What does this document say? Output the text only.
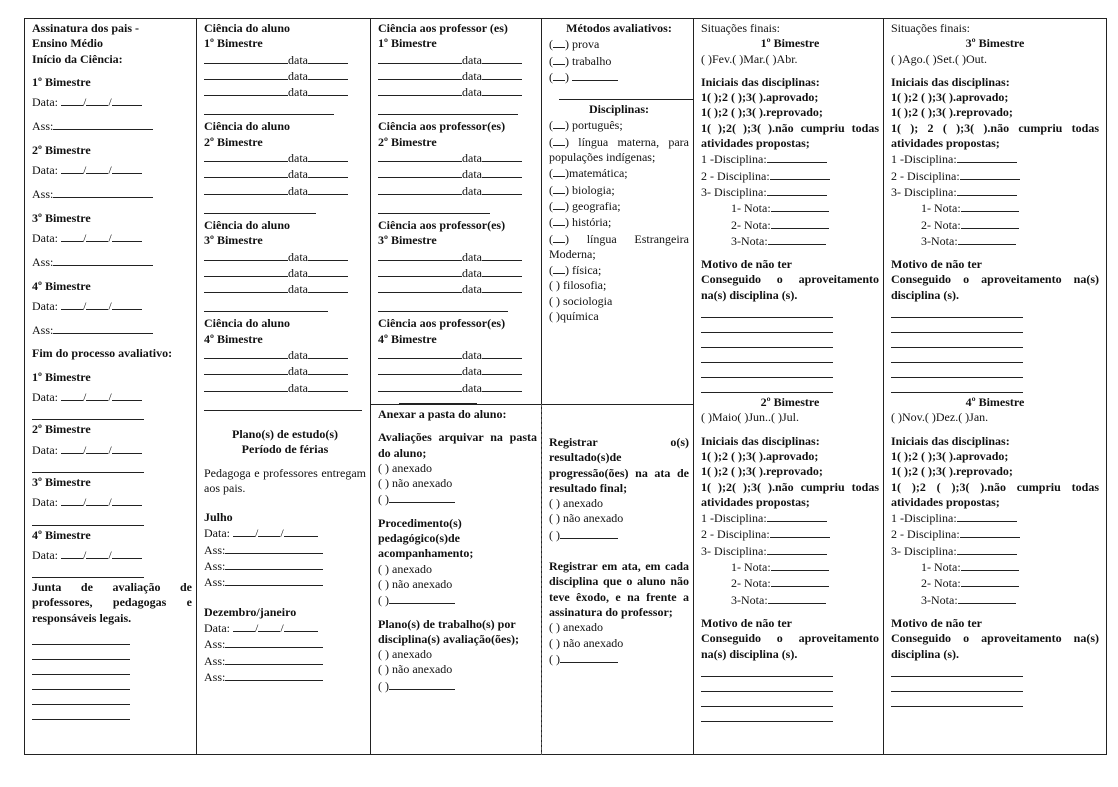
Assinatura dos pais -
Ensino Médio
Início da Ciência:
1º Bimestre
Data: / /
Ass:
2º Bimestre
Data: / /
Ass:
3º Bimestre
Data: / /
Ass:
4º Bimestre
Data: / /
Ass:
Fim do processo avaliativo:
1º Bimestre
Data: / /
2º Bimestre
Data: / /
3º Bimestre
Data: / /
4º Bimestre
Data: / /
Junta de avaliação de professores, pedagogas e responsáveis legais.
Ciência do aluno
1º Bimestre
data
data
data
Ciência do aluno
2º Bimestre
data
data
data
Ciência do aluno
3º Bimestre
data
data
data
Ciência do aluno
4º Bimestre
data
data
data
Plano(s) de estudo(s)
Período de férias
Pedagoga e professores entregam aos pais.
Julho
Data: / /
Ass:
Ass:
Ass:
Dezembro/janeiro
Data: / /
Ass:
Ass:
Ass:
Ciência aos professor (es)
1º Bimestre
data
data
data
Ciência aos professor(es)
2º Bimestre
data
data
data
Ciência aos professor(es)
3º Bimestre
data
data
data
Ciência aos professor(es)
4º Bimestre
data
data
data
Anexar a pasta do aluno:
Avaliações arquivar na pasta do aluno;
( ) anexado
( ) não anexado
( )
Procedimento(s) pedagógico(s)de acompanhamento;
( ) anexado
( ) não anexado
( )
Plano(s) de trabalho(s) por disciplina(s) avaliação(ões);
( ) anexado
( ) não anexado
( )
Métodos avaliativos:
( ) prova
( ) trabalho
( )
Disciplinas:
( ) português;
( ) língua materna, para populações indígenas;
( )matemática;
( ) biologia;
( ) geografia;
( ) história;
( ) língua Estrangeira Moderna;
( ) física;
( ) filosofia;
( ) sociologia
( )química
Registrar o(s) resultado(s)de progressão(ões) na ata de resultado final;
( ) anexado
( ) não anexado
( )
Registrar em ata, em cada disciplina que o aluno não teve êxodo, e na frente a assinatura do professor;
( ) anexado
( ) não anexado
( )
Situações finais:
1º Bimestre
( )Fev.( )Mar.( )Abr.
Iniciais das disciplinas:
1( );2 ( );3( ).aprovado;
1( );2 ( );3( ).reprovado;
1( );2( );3( ).não cumpriu todas atividades propostas;
1 -Disciplina:
2 - Disciplina:
3- Disciplina:
1- Nota:
2- Nota:
3-Nota:
Motivo de não ter
Conseguido o aproveitamento na(s) disciplina (s).
2º Bimestre
( )Maio( )Jun..( )Jul.
Iniciais das disciplinas:
1( );2 ( );3( ).aprovado;
1( );2 ( );3( ).reprovado;
1( );2( );3( ).não cumpriu todas atividades propostas;
1 -Disciplina:
2 - Disciplina:
3- Disciplina:
1- Nota:
2- Nota:
3-Nota:
Motivo de não ter
Conseguido o aproveitamento na(s) disciplina (s).
Situações finais:
3º Bimestre
( )Ago.( )Set.( )Out.
Iniciais das disciplinas:
1( );2 ( );3( ).aprovado;
1( );2 ( );3( ).reprovado;
1( ); 2 ( );3( ).não cumpriu todas atividades propostas;
1 -Disciplina:
2 - Disciplina:
3- Disciplina:
1- Nota:
2- Nota:
3-Nota:
Motivo de não ter
Conseguido o aproveitamento na(s) disciplina (s).
4º Bimestre
( )Nov.( )Dez.( )Jan.
Iniciais das disciplinas:
1( );2 ( );3( ).aprovado;
1( );2 ( );3( ).reprovado;
1( );2 ( );3( ).não cumpriu todas atividades propostas;
1 -Disciplina:
2 - Disciplina:
3- Disciplina:
1- Nota:
2- Nota:
3-Nota:
Motivo de não ter
Conseguido o aproveitamento na(s) disciplina (s).
